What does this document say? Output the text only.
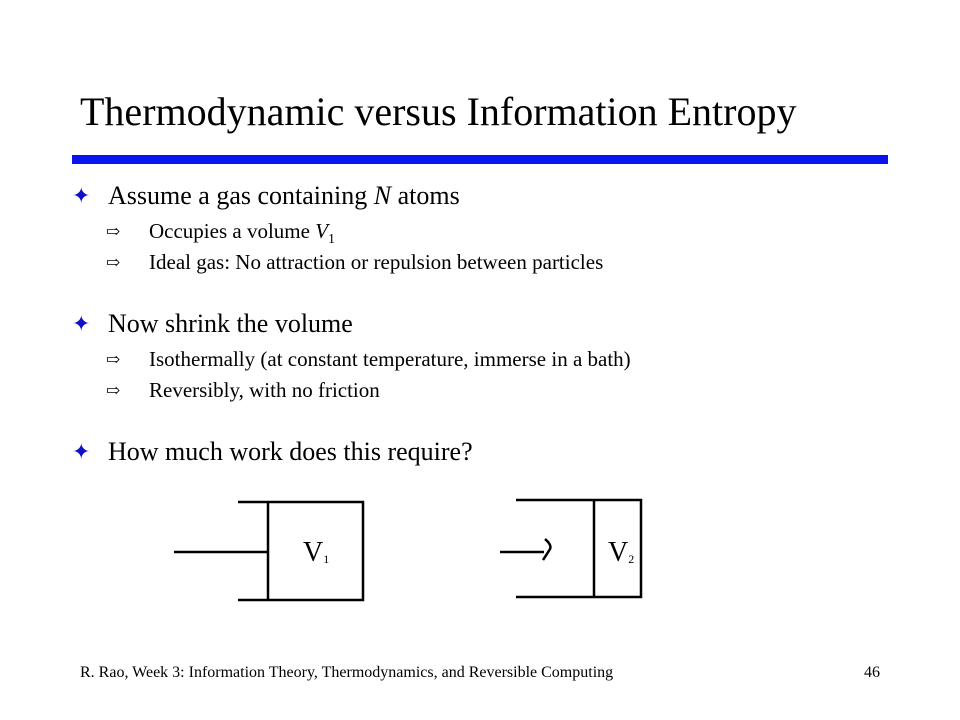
Thermodynamic versus Information Entropy
✦ Assume a gas containing N atoms
⇨ Occupies a volume $V_1$
⇨ Ideal gas: No attraction or repulsion between particles
✦ Now shrink the volume
⇨ Isothermally (at constant temperature, immerse in a bath)
⇨ Reversibly, with no friction
✦ How much work does this require?
V1	V2
R. Rao, Week 3: Information Theory, Thermodynamics, and Reversible Computing	46
